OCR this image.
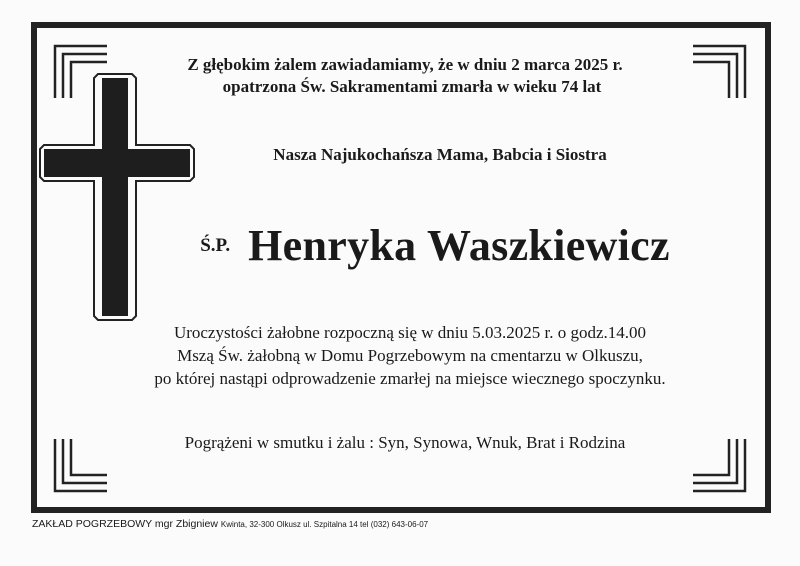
Z głębokim żalem zawiadamiamy, że w dniu 2 marca 2025 r.
opatrzona Św. Sakramentami zmarła w wieku 74 lat
Nasza Najukochańsza Mama, Babcia i Siostra
Ś.P. Henryka Waszkiewicz
Uroczystości żałobne rozpoczną się w dniu 5.03.2025 r. o godz.14.00
Mszą Św. żałobną w Domu Pogrzebowym na cmentarzu w Olkuszu,
po której nastąpi odprowadzenie zmarłej na miejsce wiecznego spoczynku.
Pogrążeni w smutku i żalu : Syn, Synowa, Wnuk, Brat i Rodzina
ZAKŁAD POGRZEBOWY mgr Zbigniew Kwinta, 32-300 Olkusz ul. Szpitalna 14 tel (032) 643-06-07
